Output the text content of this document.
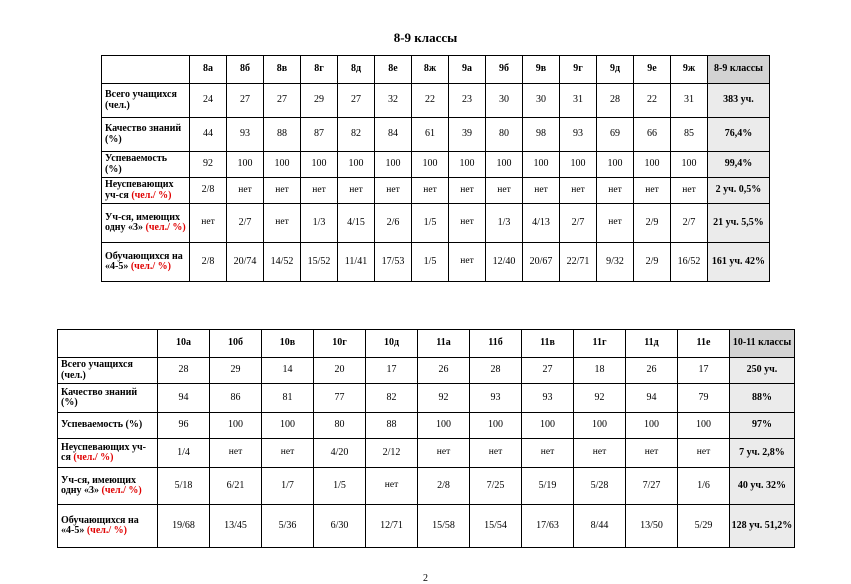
8-9 классы
	8а	8б	8в	8г	8д	8е	8ж	9а	9б	9в	9г	9д	9е	9ж	8-9 классы
Всего учащихся (чел.)	24	27	27	29	27	32	22	23	30	30	31	28	22	31	383 уч.
Качество знаний (%)	44	93	88	87	82	84	61	39	80	98	93	69	66	85	76,4%
Успеваемость (%)	92	100	100	100	100	100	100	100	100	100	100	100	100	100	99,4%
Неуспевающих уч-ся (чел./ %)	2/8	нет	нет	нет	нет	нет	нет	нет	нет	нет	нет	нет	нет	нет	2 уч. 0,5%
Уч-ся, имеющих одну «3» (чел./ %)	нет	2/7	нет	1/3	4/15	2/6	1/5	нет	1/3	4/13	2/7	нет	2/9	2/7	21 уч. 5,5%
Обучающихся на «4-5» (чел./ %)	2/8	20/74	14/52	15/52	11/41	17/53	1/5	нет	12/40	20/67	22/71	9/32	2/9	16/52	161 уч. 42%
	10а	10б	10в	10г	10д	11а	11б	11в	11г	11д	11е	10-11 классы
Всего учащихся (чел.)	28	29	14	20	17	26	28	27	18	26	17	250 уч.
Качество знаний (%)	94	86	81	77	82	92	93	93	92	94	79	88%
Успеваемость (%)	96	100	100	80	88	100	100	100	100	100	100	97%
Неуспевающих уч-ся (чел./ %)	1/4	нет	нет	4/20	2/12	нет	нет	нет	нет	нет	нет	7 уч. 2,8%
Уч-ся, имеющих одну «3» (чел./ %)	5/18	6/21	1/7	1/5	нет	2/8	7/25	5/19	5/28	7/27	1/6	40 уч. 32%
Обучающихся на «4-5» (чел./ %)	19/68	13/45	5/36	6/30	12/71	15/58	15/54	17/63	8/44	13/50	5/29	128 уч. 51,2%
2
